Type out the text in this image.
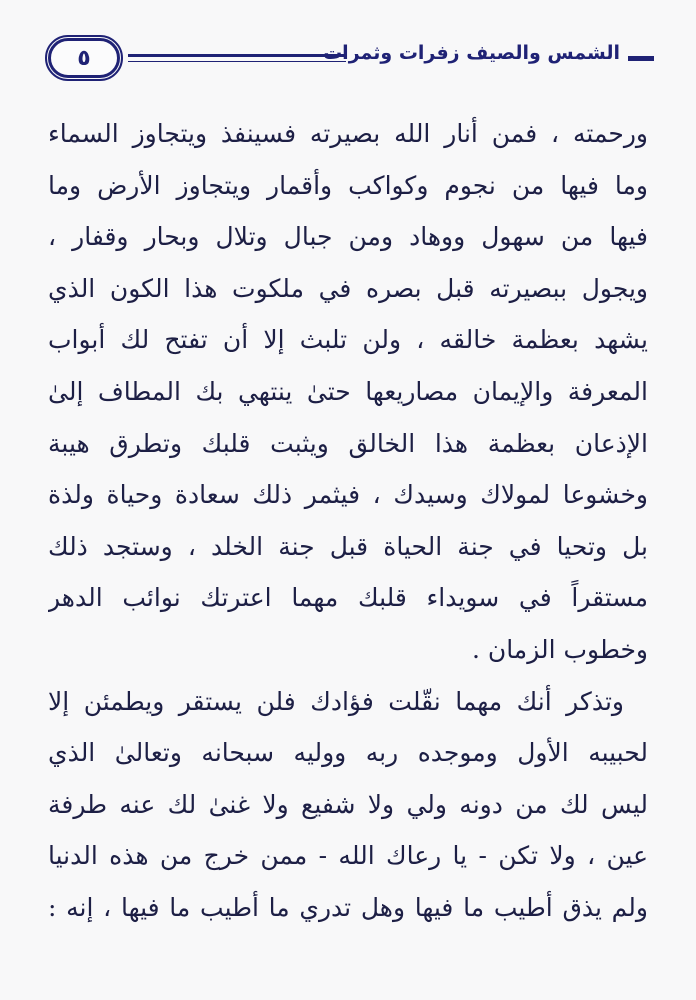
٥	الشمس والصيف زفرات وثمرات
ورحمته ، فمن أنار الله بصيرته فسينفذ ويتجاوز السماء
وما فيها من نجوم وكواكب وأقمار ويتجاوز الأرض وما
فيها من سهول ووهاد ومن جبال وتلال وبحار وقفار ،
ويجول ببصيرته قبل بصره في ملكوت هذا الكون الذي
يشهد بعظمة خالقه ، ولن تلبث إلا أن تفتح لك أبواب
المعرفة والإيمان مصاريعها حتىٰ ينتهي بك المطاف إلىٰ
الإذعان بعظمة هذا الخالق ويثبت قلبك وتطرق هيبة
وخشوعا لمولاك وسيدك ، فيثمر ذلك سعادة وحياة ولذة
بل وتحيا في جنة الحياة قبل جنة الخلد ، وستجد ذلك
مستقراً في سويداء قلبك مهما اعترتك نوائب الدهر
وخطوب الزمان .
وتذكر أنك مهما نقّلت فؤادك فلن يستقر ويطمئن إلا
لحبيبه الأول وموجده ربه ووليه سبحانه وتعالىٰ الذي
ليس لك من دونه ولي ولا شفيع ولا غنىٰ لك عنه طرفة
عين ، ولا تكن - يا رعاك الله - ممن خرج من هذه الدنيا
ولم يذق أطيب ما فيها وهل تدري ما أطيب ما فيها ، إنه :
